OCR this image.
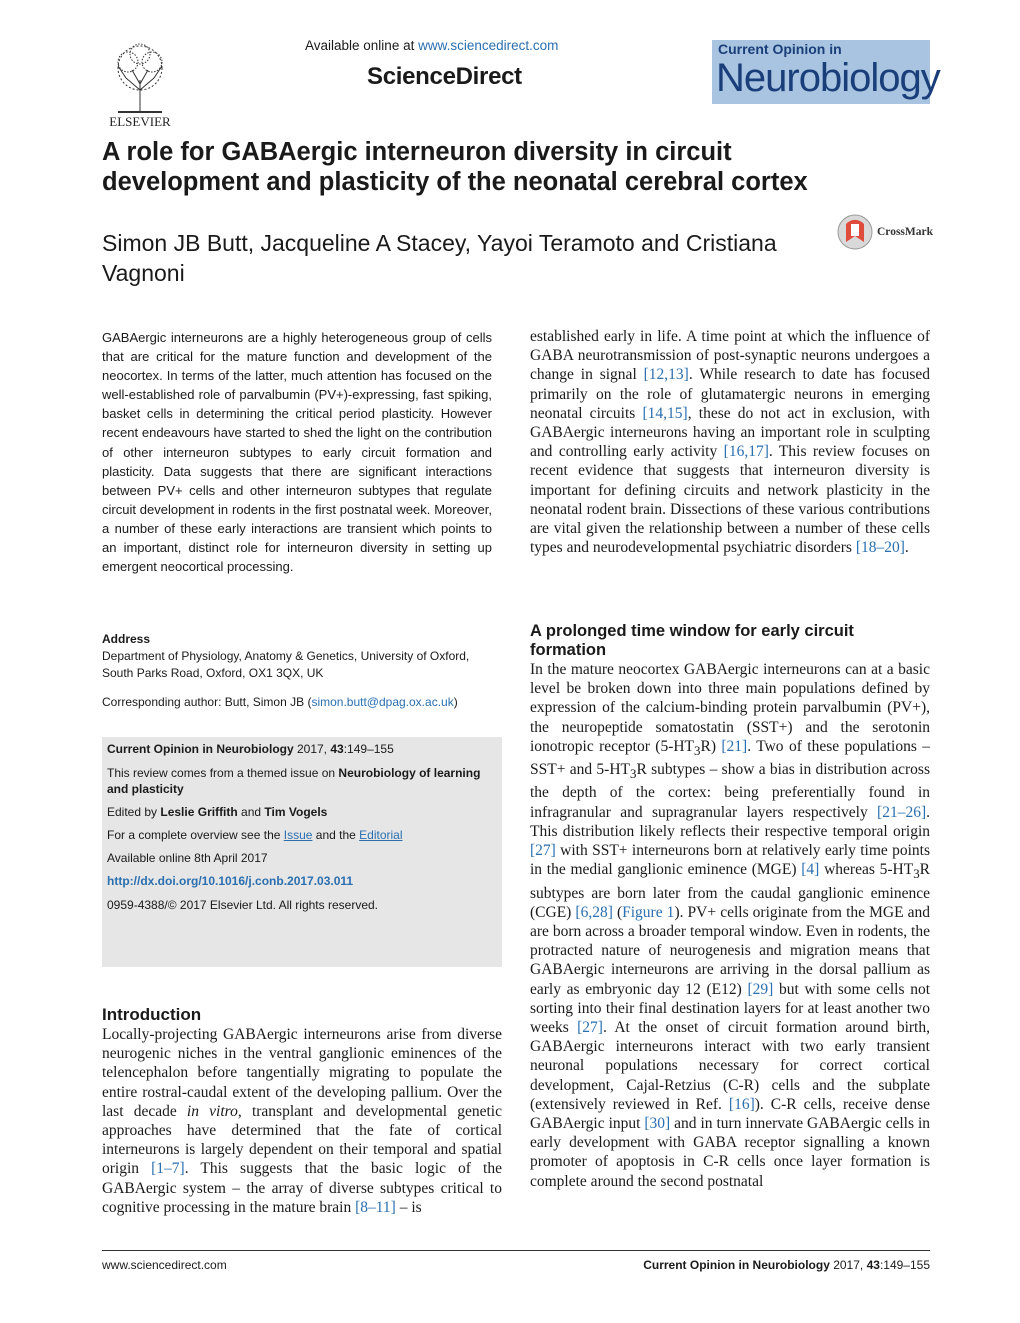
ELSEVIER
Available online at www.sciencedirect.com
ScienceDirect
Current Opinion in
Neurobiology
A role for GABAergic interneuron diversity in circuit development and plasticity of the neonatal cerebral cortex
Simon JB Butt, Jacqueline A Stacey, Yayoi Teramoto and Cristiana Vagnoni
CrossMark
GABAergic interneurons are a highly heterogeneous group of cells that are critical for the mature function and development of the neocortex. In terms of the latter, much attention has focused on the well-established role of parvalbumin (PV+)-expressing, fast spiking, basket cells in determining the critical period plasticity. However recent endeavours have started to shed the light on the contribution of other interneuron subtypes to early circuit formation and plasticity. Data suggests that there are significant interactions between PV+ cells and other interneuron subtypes that regulate circuit development in rodents in the first postnatal week. Moreover, a number of these early interactions are transient which points to an important, distinct role for interneuron diversity in setting up emergent neocortical processing.
Address
Department of Physiology, Anatomy & Genetics, University of Oxford, South Parks Road, Oxford, OX1 3QX, UK
Corresponding author: Butt, Simon JB (simon.butt@dpag.ox.ac.uk)
Current Opinion in Neurobiology 2017, 43:149–155
This review comes from a themed issue on Neurobiology of learning and plasticity
Edited by Leslie Griffith and Tim Vogels
For a complete overview see the Issue and the Editorial
Available online 8th April 2017
http://dx.doi.org/10.1016/j.conb.2017.03.011
0959-4388/© 2017 Elsevier Ltd. All rights reserved.
Introduction
Locally-projecting GABAergic interneurons arise from diverse neurogenic niches in the ventral ganglionic eminences of the telencephalon before tangentially migrating to populate the entire rostral-caudal extent of the developing pallium. Over the last decade in vitro, transplant and developmental genetic approaches have determined that the fate of cortical interneurons is largely dependent on their temporal and spatial origin [1–7]. This suggests that the basic logic of the GABAergic system – the array of diverse subtypes critical to cognitive processing in the mature brain [8–11] – is
established early in life. A time point at which the influence of GABA neurotransmission of post-synaptic neurons undergoes a change in signal [12,13]. While research to date has focused primarily on the role of glutamatergic neurons in emerging neonatal circuits [14,15], these do not act in exclusion, with GABAergic interneurons having an important role in sculpting and controlling early activity [16,17]. This review focuses on recent evidence that suggests that interneuron diversity is important for defining circuits and network plasticity in the neonatal rodent brain. Dissections of these various contributions are vital given the relationship between a number of these cells types and neurodevelopmental psychiatric disorders [18–20].
A prolonged time window for early circuit formation
In the mature neocortex GABAergic interneurons can at a basic level be broken down into three main populations defined by expression of the calcium-binding protein parvalbumin (PV+), the neuropeptide somatostatin (SST+) and the serotonin ionotropic receptor $(5-HT_3R)$ [21]. Two of these populations – SST+ and $5-HT_3R$ subtypes – show a bias in distribution across the depth of the cortex: being preferentially found in infragranular and supragranular layers respectively [21–26]. This distribution likely reflects their respective temporal origin [27] with SST+ interneurons born at relatively early time points in the medial ganglionic eminence (MGE) [4] whereas $5-HT_3R$ subtypes are born later from the caudal ganglionic eminence (CGE) [6,28] (Figure 1). PV+ cells originate from the MGE and are born across a broader temporal window. Even in rodents, the protracted nature of neurogenesis and migration means that GABAergic interneurons are arriving in the dorsal pallium as early as embryonic day 12 (E12) [29] but with some cells not sorting into their final destination layers for at least another two weeks [27]. At the onset of circuit formation around birth, GABAergic interneurons interact with two early transient neuronal populations necessary for correct cortical development, Cajal-Retzius (C-R) cells and the subplate (extensively reviewed in Ref. [16]). C-R cells, receive dense GABAergic input [30] and in turn innervate GABAergic cells in early development with GABA receptor signalling a known promoter of apoptosis in C-R cells once layer formation is complete around the second postnatal
www.sciencedirect.com	Current Opinion in Neurobiology 2017, 43:149–155
